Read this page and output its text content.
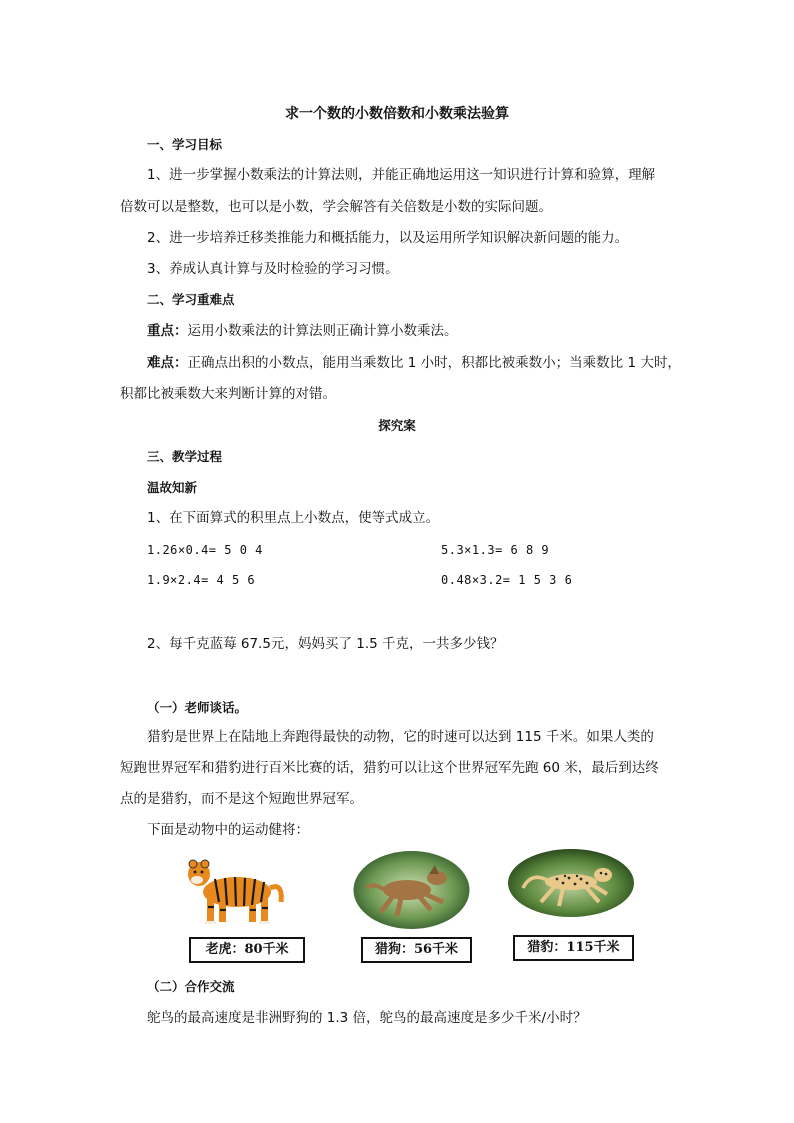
求一个数的小数倍数和小数乘法验算
一、学习目标
1、进一步掌握小数乘法的计算法则，并能正确地运用这一知识进行计算和验算，理解
倍数可以是整数，也可以是小数，学会解答有关倍数是小数的实际问题。
2、进一步培养迁移类推能力和概括能力，以及运用所学知识解决新问题的能力。
3、养成认真计算与及时检验的学习习惯。
二、学习重难点
重点：运用小数乘法的计算法则正确计算小数乘法。
难点：正确点出积的小数点，能用当乘数比 1 小时，积都比被乘数小；当乘数比 1 大时，
积都比被乘数大来判断计算的对错。
探究案
三、教学过程
温故知新
1、在下面算式的积里点上小数点，使等式成立。
1.26×0.4= 5 0 4	5.3×1.3= 6 8 9
1.9×2.4= 4 5 6	0.48×3.2= 1 5 3 6
2、每千克蓝莓 67.5元，妈妈买了 1.5 千克，一共多少钱？
（一）老师谈话。
猎豹是世界上在陆地上奔跑得最快的动物，它的时速可以达到 115 千米。如果人类的
短跑世界冠军和猎豹进行百米比赛的话，猎豹可以让这个世界冠军先跑 60 米，最后到达终
点的是猎豹，而不是这个短跑世界冠军。
下面是动物中的运动健将：
老虎：80千米	猎狗：56千米	猎豹：115千米
（二）合作交流
鸵鸟的最高速度是非洲野狗的 1.3 倍，鸵鸟的最高速度是多少千米/小时？
